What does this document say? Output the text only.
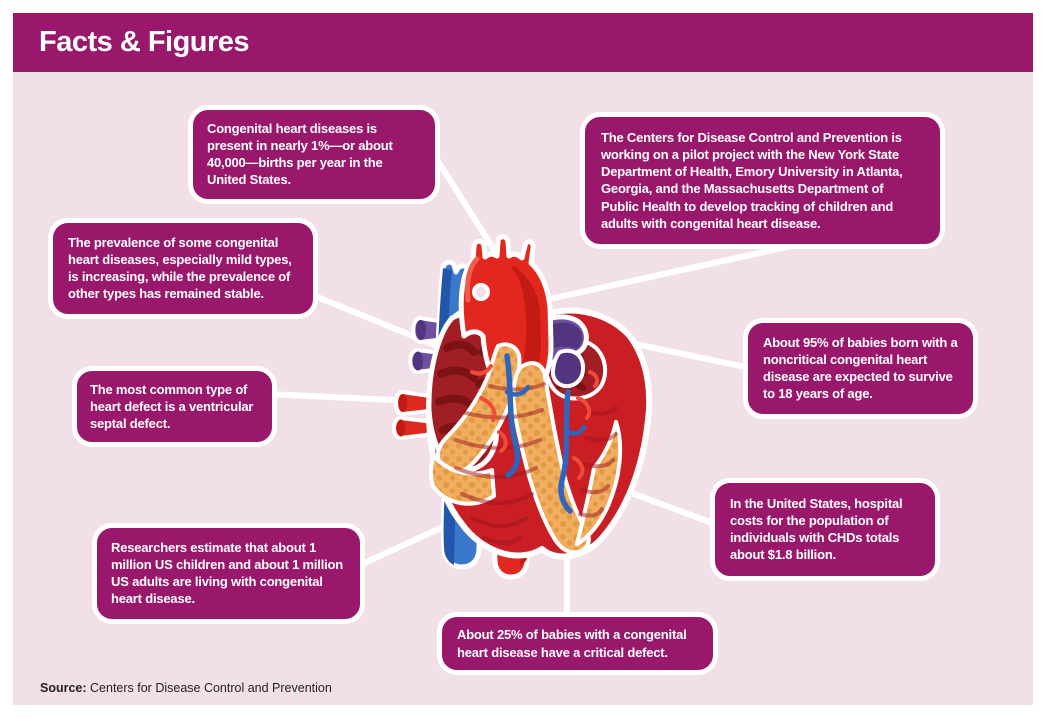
Facts & Figures

Congenital heart diseases is present in nearly 1%—or about 40,000—births per year in the United States.

The Centers for Disease Control and Prevention is working on a pilot project with the New York State Department of Health, Emory University in Atlanta, Georgia, and the Massachusetts Department of Public Health to develop tracking of children and adults with congenital heart disease.

The prevalence of some congenital heart diseases, especially mild types, is increasing, while the prevalence of other types has remained stable.

The most common type of heart defect is a ventricular septal defect.

Researchers estimate that about 1 million US children and about 1 million US adults are living with congenital heart disease.

About 95% of babies born with a noncritical congenital heart disease are expected to survive to 18 years of age.

In the United States, hospital costs for the population of individuals with CHDs totals about $1.8 billion.

About 25% of babies with a congenital heart disease have a critical defect.

Source: Centers for Disease Control and Prevention
